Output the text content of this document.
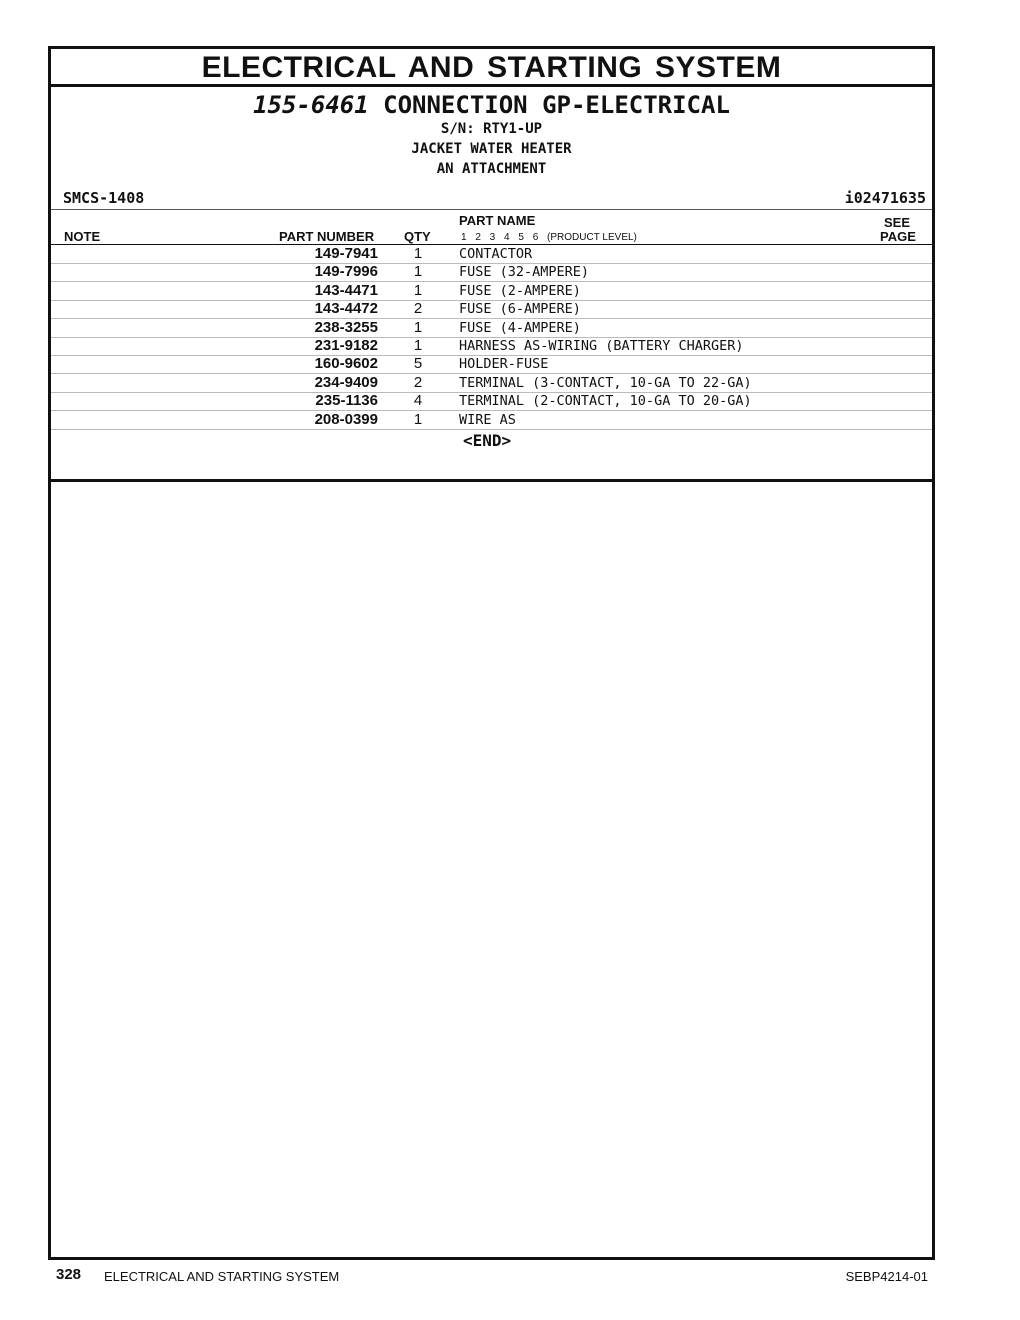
ELECTRICAL AND STARTING SYSTEM
155-6461 CONNECTION GP-ELECTRICAL
S/N: RTY1-UP
JACKET WATER HEATER
AN ATTACHMENT
SMCS-1408	i02471635
NOTE	PART NUMBER QTY
PART NAME
1 2 3 4 5 6 (PRODUCT LEVEL)
SEE
PAGE
149-7941	1	CONTACTOR
149-7996	1	FUSE (32-AMPERE)
143-4471	1	FUSE (2-AMPERE)
143-4472	2	FUSE (6-AMPERE)
238-3255	1	FUSE (4-AMPERE)
231-9182	1	HARNESS AS-WIRING (BATTERY CHARGER)
160-9602	5	HOLDER-FUSE
234-9409	2	TERMINAL (3-CONTACT, 10-GA TO 22-GA)
235-1136	4	TERMINAL (2-CONTACT, 10-GA TO 20-GA)
208-0399	1	WIRE AS
<END>
328 ELECTRICAL AND STARTING SYSTEM	SEBP4214-01
